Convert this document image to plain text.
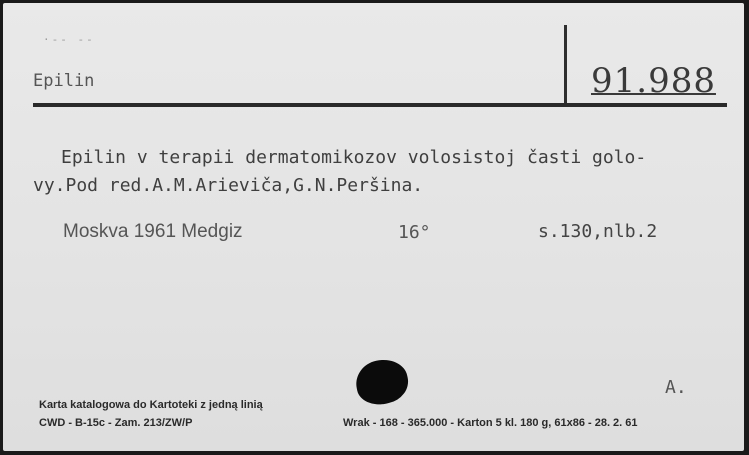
·-- --
Epilin	91.988
Epilin v terapii dermatomikozov volosistoj časti golo-
vy.Pod red.A.M.Arieviča,G.N.Peršina.
Moskva 1961 Medgiz	16°	s.130,nlb.2
A.
Karta katalogowa do Kartoteki z jedną linią
CWD - B-15c - Zam. 213/ZW/P	Wrak - 168 - 365.000 - Karton 5 kl. 180 g, 61x86 - 28. 2. 61
